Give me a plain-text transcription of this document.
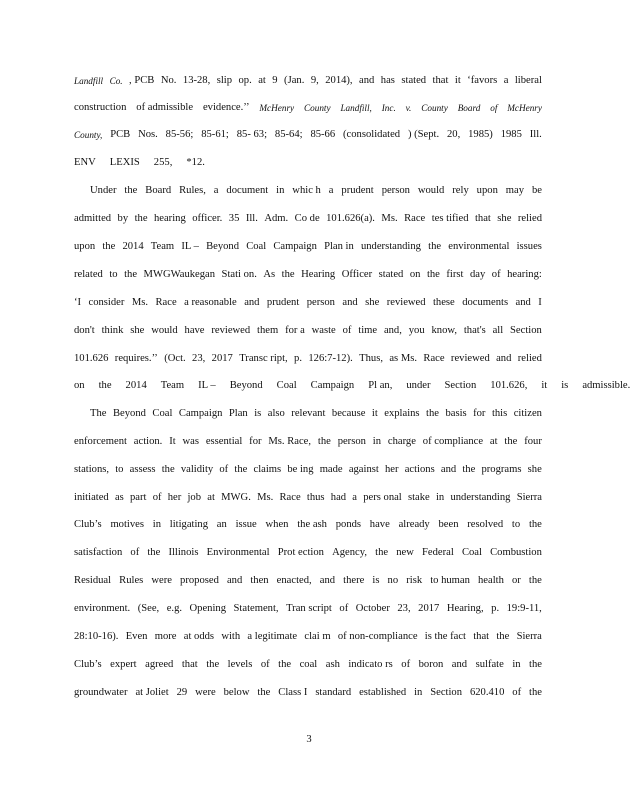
Landfill Co. , PCB No. 13-28, slip op. at 9 (Jan. 9, 2014), and has stated that it ‘favors a liberal
construction of admissible evidence.’’ McHenry County Landfill, Inc. v. County Board of McHenry
County, PCB Nos. 85-56; 85-61; 85- 63; 85-64; 85-66 (consolidated ) (Sept. 20, 1985) 1985 Ill.
ENV LEXIS 255, *12.
Under the Board Rules, a document in whic h a prudent person would rely upon may be
admitted by the hearing officer. 35 Ill. Adm. Co de 101.626(a). Ms. Race tes tified that she relied
upon the 2014 Team IL – Beyond Coal Campaign Plan in understanding the environmental issues
related to the MWGWaukegan Stati on. As the Hearing Officer stated on the first day of hearing:
‘I consider Ms. Race a reasonable and prudent person and she reviewed these documents and I
don't think she would have reviewed them for a waste of time and, you know, that's all Section
101.626 requires.’’ (Oct. 23, 2017 Transc ript, p. 126:7-12). Thus, as Ms. Race reviewed and relied
on the 2014 Team IL – Beyond Coal Campaign Pl an, under Section 101.626, it is admissible.
The Beyond Coal Campaign Plan is also relevant because it explains the basis for this citizen
enforcement action. It was essential for Ms. Race, the person in charge of compliance at the four
stations, to assess the validity of the claims be ing made against her actions and the programs she
initiated as part of her job at MWG. Ms. Race thus had a pers onal stake in understanding Sierra
Club’s motives in litigating an issue when the ash ponds have already been resolved to the
satisfaction of the Illinois Environmental Prot ection Agency, the new Federal Coal Combustion
Residual Rules were proposed and then enacted, and there is no risk to human health or the
environment. (See, e.g. Opening Statement, Tran script of October 23, 2017 Hearing, p. 19:9-11,
28:10-16). Even more at odds with a legitimate clai m of non-compliance is the fact that the Sierra
Club’s expert agreed that the levels of the coal ash indicato rs of boron and sulfate in the
groundwater at Joliet 29 were below the Class I standard established in Section 620.410 of the
3
